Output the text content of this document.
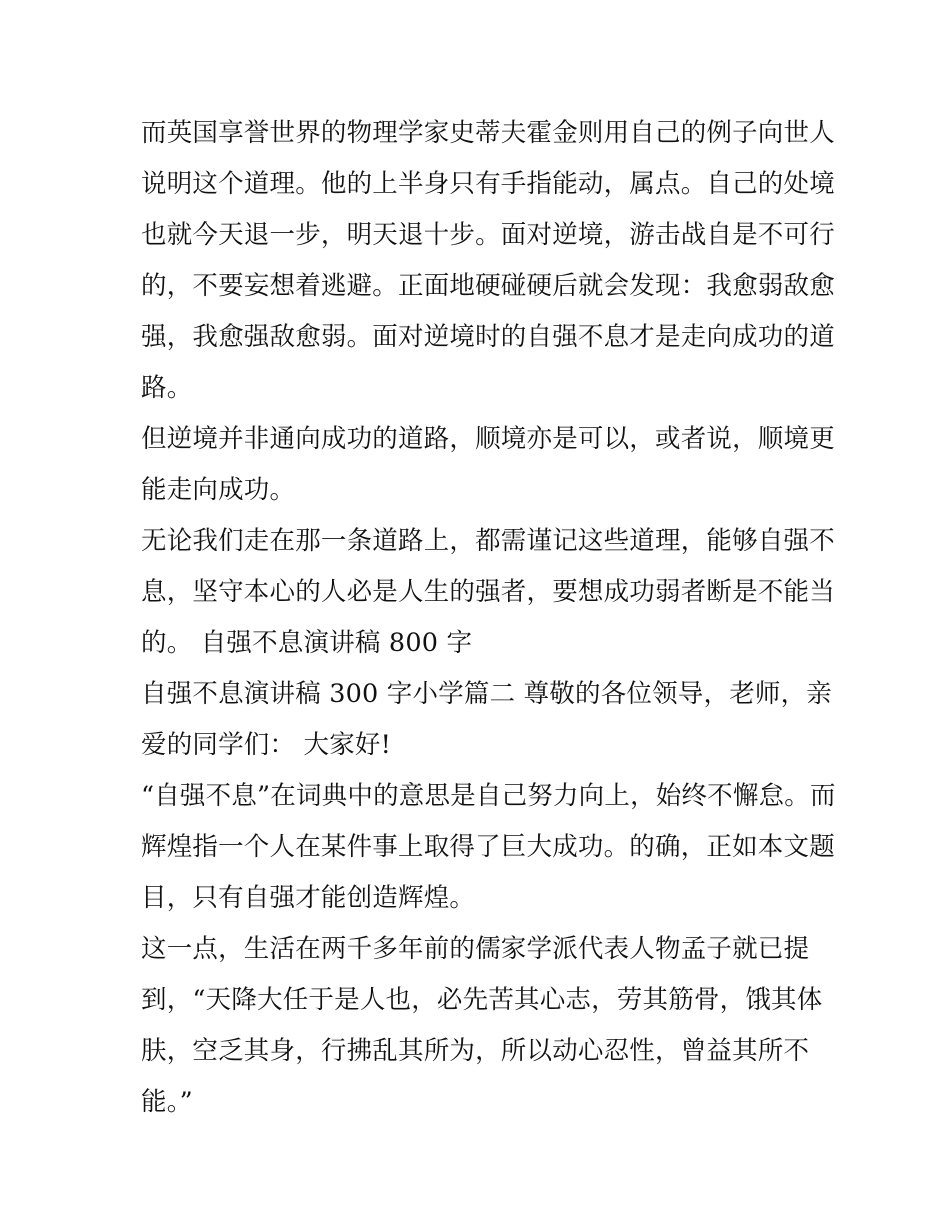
而英国享誉世界的物理学家史蒂夫霍金则用自己的例子向世人
说明这个道理。他的上半身只有手指能动，属点。自己的处境
也就今天退一步，明天退十步。面对逆境，游击战自是不可行
的，不要妄想着逃避。正面地硬碰硬后就会发现：我愈弱敌愈
强，我愈强敌愈弱。面对逆境时的自强不息才是走向成功的道
路。

但逆境并非通向成功的道路，顺境亦是可以，或者说，顺境更
能走向成功。

无论我们走在那一条道路上，都需谨记这些道理，能够自强不
息，坚守本心的人必是人生的强者，要想成功弱者断是不能当
的。 自强不息演讲稿 800 字

自强不息演讲稿 300 字小学篇二 尊敬的各位领导，老师，亲
爱的同学们： 大家好!

“自强不息”在词典中的意思是自己努力向上，始终不懈怠。而
辉煌指一个人在某件事上取得了巨大成功。的确，正如本文题
目，只有自强才能创造辉煌。

这一点，生活在两千多年前的儒家学派代表人物孟子就已提
到，“天降大任于是人也，必先苦其心志，劳其筋骨，饿其体
肤，空乏其身，行拂乱其所为，所以动心忍性，曾益其所不
能。”
